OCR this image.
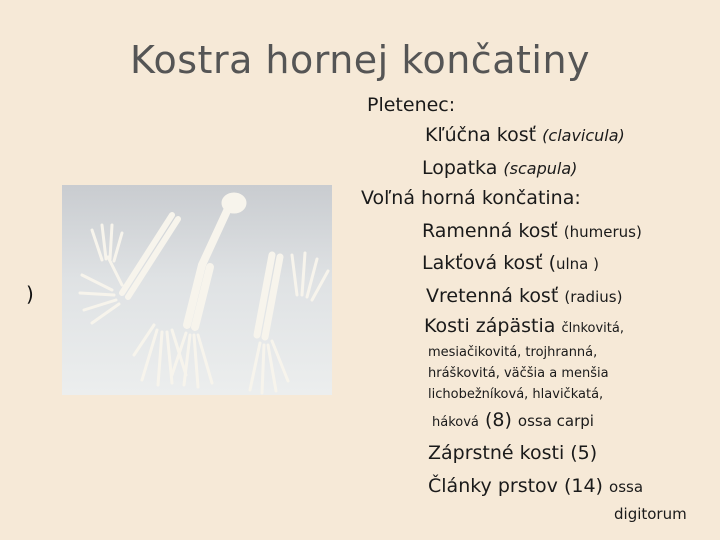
Kostra hornej končatiny
)
Pletenec:
Kľúčna kosť (clavicula)
Lopatka (scapula)
Voľná horná končatina:
Ramenná kosť (humerus)
Lakťová kosť (ulna )
Vretenná kosť (radius)
Kosti zápästia člnkovitá,
mesiačikovitá, trojhranná,
hráškovitá, väčšia a menšia
lichobežníková, hlavičkatá,
háková (8) ossa carpi
Záprstné kosti (5)
Články prstov (14) ossa
digitorum
